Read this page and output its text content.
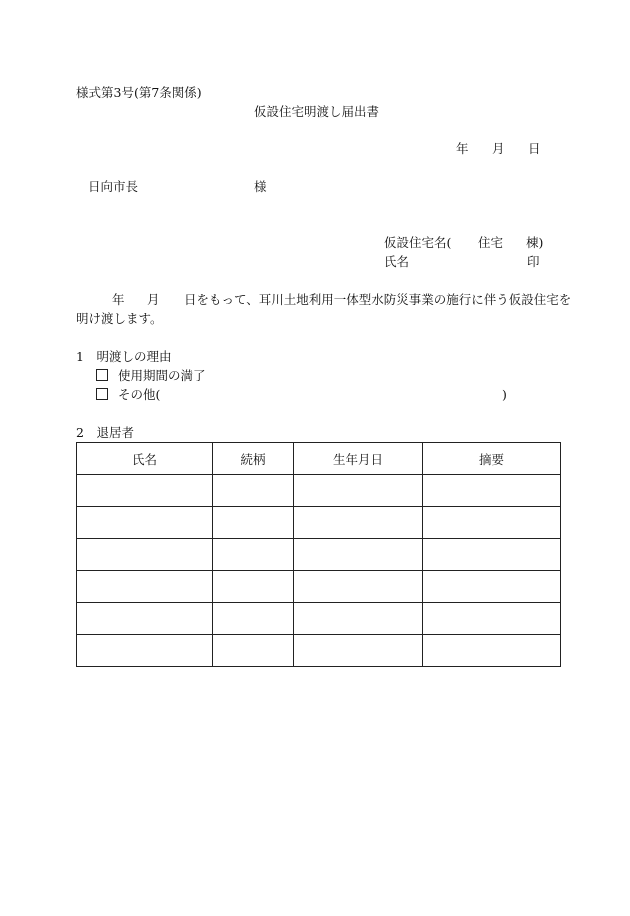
様式第3号(第7条関係)
仮設住宅明渡し届出書
年 月 日
日向市長	様
仮設住宅名( 住宅 棟)
氏名	印
年 月 日をもって、耳川土地利用一体型水防災事業の施行に伴う仮設住宅を
明け渡します。
1　明渡しの理由
使用期間の満了
その他(	)
2　退居者
氏名	続柄	生年月日	摘要
